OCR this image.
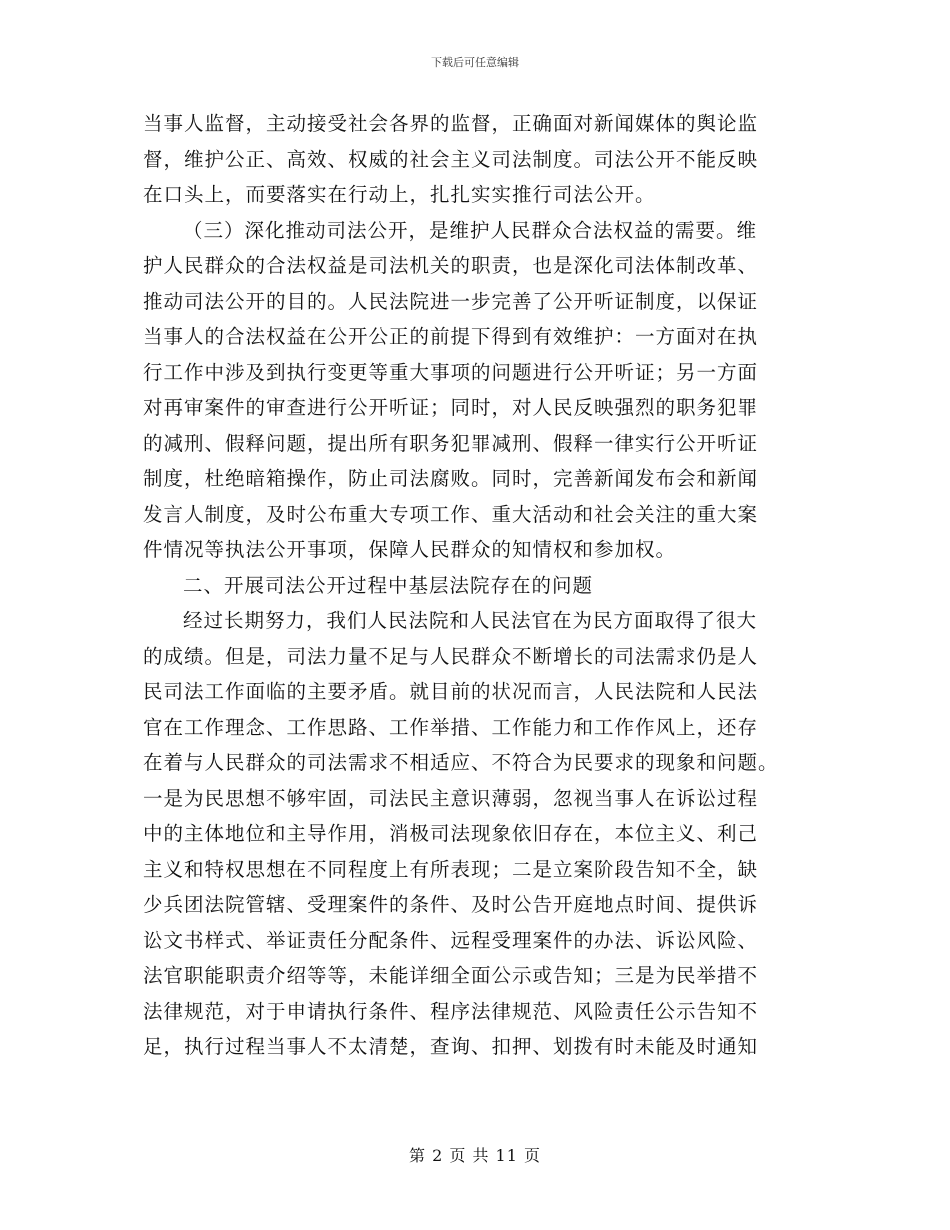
下载后可任意编辑
当事人监督，主动接受社会各界的监督，正确面对新闻媒体的舆论监
督，维护公正、高效、权威的社会主义司法制度。司法公开不能反映
在口头上，而要落实在行动上，扎扎实实推行司法公开。
（三）深化推动司法公开，是维护人民群众合法权益的需要。维
护人民群众的合法权益是司法机关的职责，也是深化司法体制改革、
推动司法公开的目的。人民法院进一步完善了公开听证制度，以保证
当事人的合法权益在公开公正的前提下得到有效维护：一方面对在执
行工作中涉及到执行变更等重大事项的问题进行公开听证；另一方面
对再审案件的审查进行公开听证；同时，对人民反映强烈的职务犯罪
的减刑、假释问题，提出所有职务犯罪减刑、假释一律实行公开听证
制度，杜绝暗箱操作，防止司法腐败。同时，完善新闻发布会和新闻
发言人制度，及时公布重大专项工作、重大活动和社会关注的重大案
件情况等执法公开事项，保障人民群众的知情权和参加权。
二、开展司法公开过程中基层法院存在的问题
经过长期努力，我们人民法院和人民法官在为民方面取得了很大
的成绩。但是，司法力量不足与人民群众不断增长的司法需求仍是人
民司法工作面临的主要矛盾。就目前的状况而言，人民法院和人民法
官在工作理念、工作思路、工作举措、工作能力和工作作风上，还存
在着与人民群众的司法需求不相适应、不符合为民要求的现象和问题。
一是为民思想不够牢固，司法民主意识薄弱，忽视当事人在诉讼过程
中的主体地位和主导作用，消极司法现象依旧存在，本位主义、利己
主义和特权思想在不同程度上有所表现；二是立案阶段告知不全，缺
少兵团法院管辖、受理案件的条件、及时公告开庭地点时间、提供诉
讼文书样式、举证责任分配条件、远程受理案件的办法、诉讼风险、
法官职能职责介绍等等，未能详细全面公示或告知；三是为民举措不
法律规范，对于申请执行条件、程序法律规范、风险责任公示告知不
足，执行过程当事人不太清楚，查询、扣押、划拨有时未能及时通知
第 2 页 共 11 页
